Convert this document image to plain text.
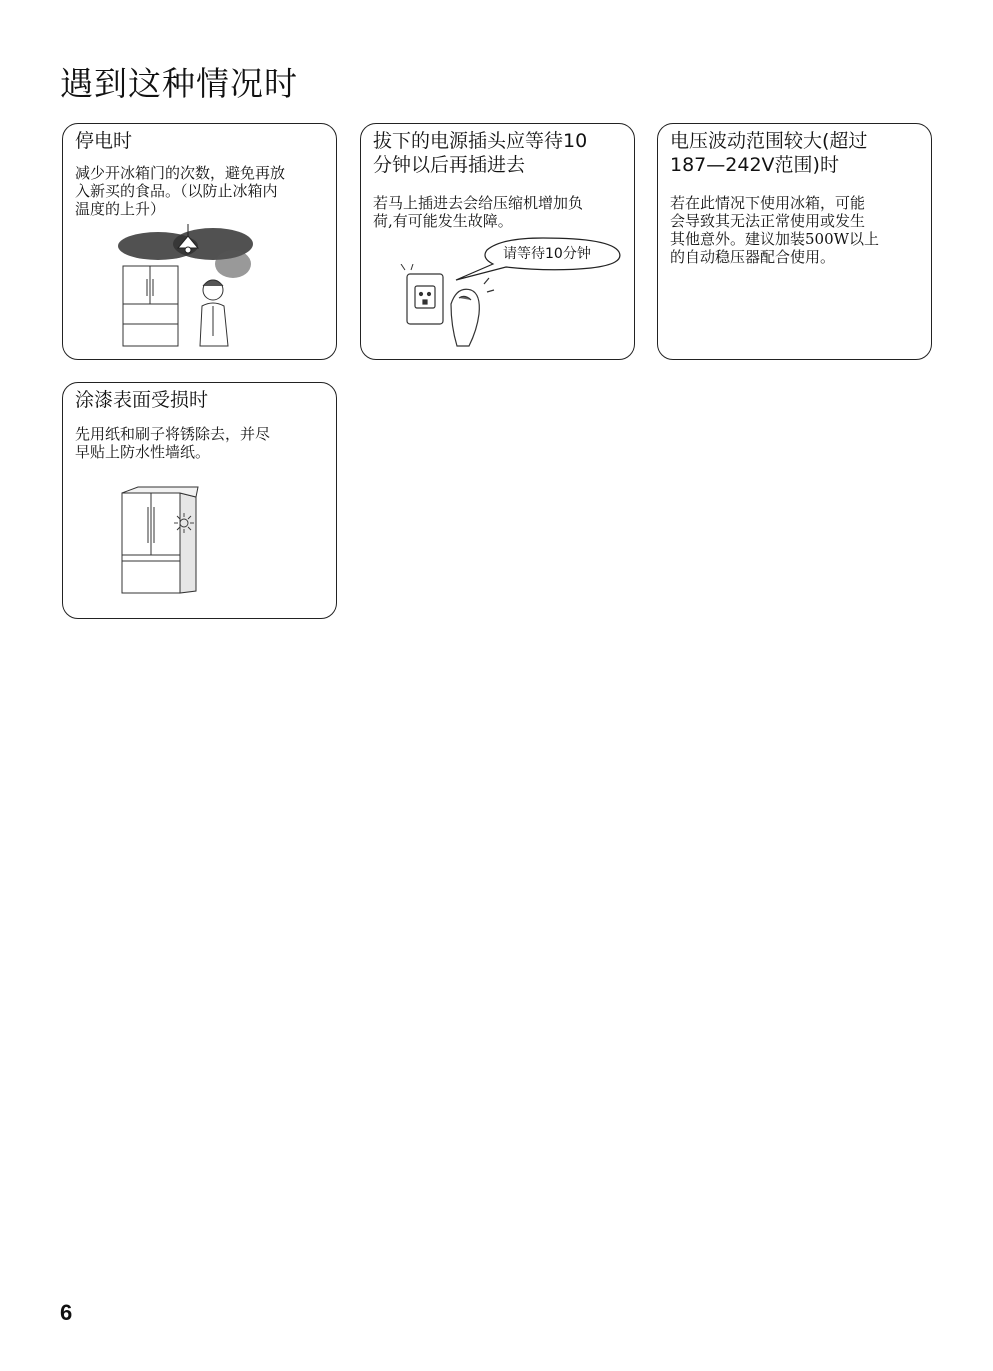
遇到这种情况时
停电时

减少开冰箱门的次数，避免再放
入新买的食品。（以防止冰箱内
温度的上升）

拔下的电源插头应等待10
分钟以后再插进去

若马上插进去会给压缩机增加负
荷,有可能发生故障。

请等待10分钟
电压波动范围较大(超过
187—242V范围)时

若在此情况下使用冰箱，可能
会导致其无法正常使用或发生
其他意外。建议加装500W以上
的自动稳压器配合使用。

涂漆表面受损时

先用纸和刷子将锈除去，并尽
早贴上防水性墙纸。

6
